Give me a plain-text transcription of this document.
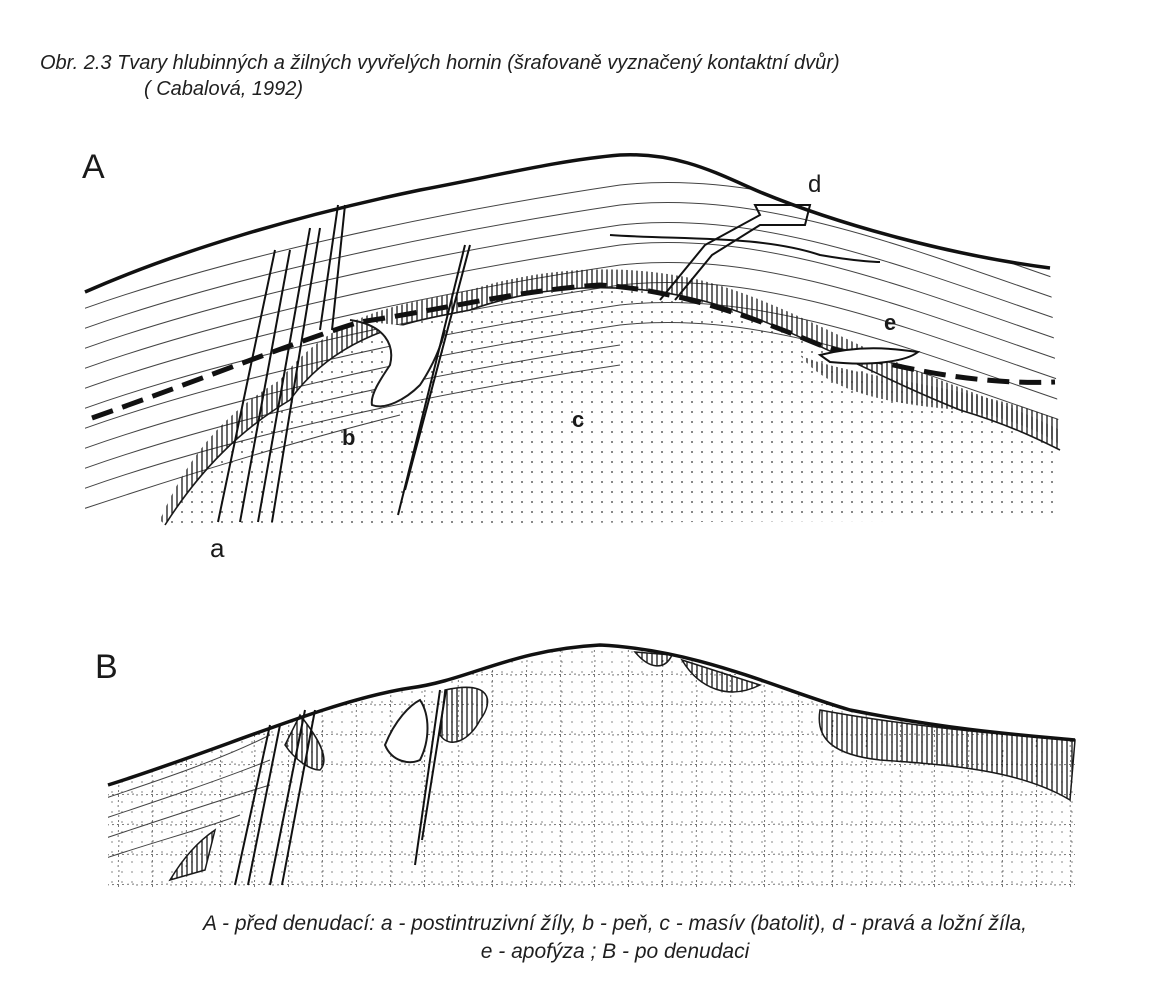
Obr. 2.3 Tvary hlubinných a žilných vyvřelých hornin (šrafovaně vyznačený kontaktní dvůr)
( Cabalová, 1992)
A
a
b
c
d
e
B
A - před denudací: a - postintruzivní žíly, b - peň, c - masív (batolit), d - pravá a ložní žíla,
e - apofýza ; B - po denudaci
